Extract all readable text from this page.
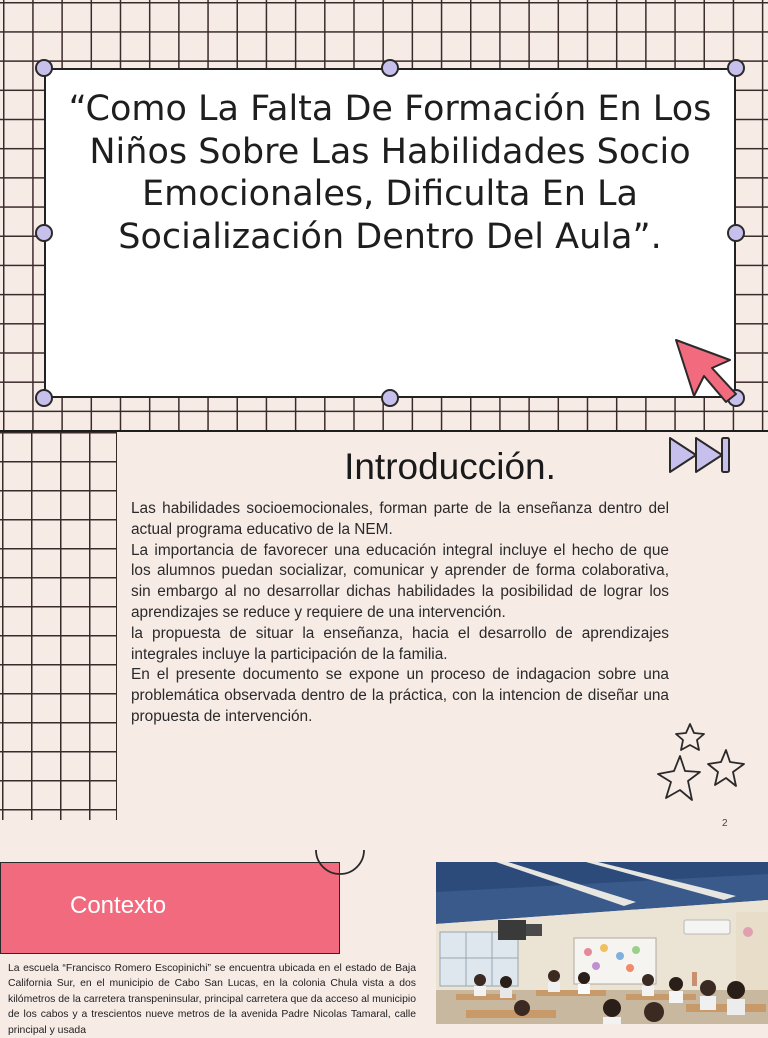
“Como La Falta De Formación En Los Niños Sobre Las Habilidades Socio Emocionales, Dificulta En La Socialización Dentro Del Aula”.
Introducción.

Las habilidades socioemocionales, forman parte de la enseñanza dentro del actual programa educativo de la NEM.

La importancia de favorecer una educación integral incluye el hecho de que los alumnos puedan socializar, comunicar y aprender de forma colaborativa, sin embargo al no desarrollar dichas habilidades la posibilidad de lograr los aprendizajes se reduce y requiere de una intervención.

la propuesta de situar la enseñanza, hacia el desarrollo de aprendizajes integrales incluye la participación de la familia.

En el presente documento se expone un proceso de indagacion sobre una problemática observada dentro de la práctica, con la intencion de diseñar una propuesta de intervención.

2
Contexto
La escuela “Francisco Romero Escopinichi” se encuentra ubicada en el estado de Baja California Sur, en el municipio de Cabo San Lucas, en la colonia Chula vista a dos kilómetros de la carretera transpeninsular, principal carretera que da acceso al municipio de los cabos y a trescientos nueve metros de la avenida Padre Nicolas Tamaral, calle principal y usada
